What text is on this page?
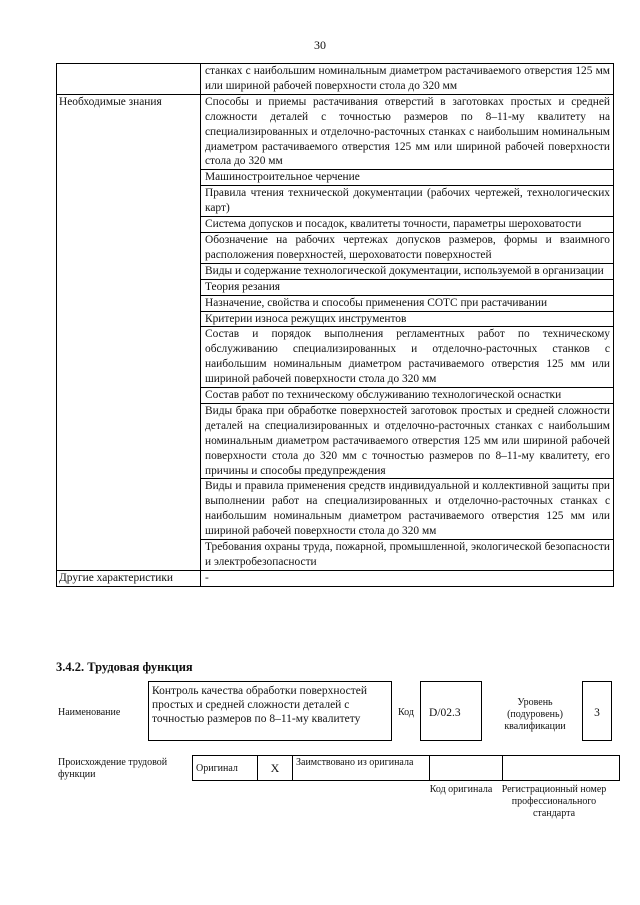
30
	станках с наибольшим номинальным диаметром растачиваемого отверстия 125 мм или шириной рабочей поверхности стола до 320 мм
Необходимые знания	Способы и приемы растачивания отверстий в заготовках простых и средней сложности деталей с точностью размеров по 8–11-му квалитету на специализированных и отделочно-расточных станках с наибольшим номинальным диаметром растачиваемого отверстия 125 мм или шириной рабочей поверхности стола до 320 мм
	Машиностроительное черчение
	Правила чтения технической документации (рабочих чертежей, технологических карт)
	Система допусков и посадок, квалитеты точности, параметры шероховатости
	Обозначение на рабочих чертежах допусков размеров, формы и взаимного расположения поверхностей, шероховатости поверхностей
	Виды и содержание технологической документации, используемой в организации
	Теория резания
	Назначение, свойства и способы применения СОТС при растачивании
	Критерии износа режущих инструментов
	Состав и порядок выполнения регламентных работ по техническому обслуживанию специализированных и отделочно-расточных станков с наибольшим номинальным диаметром растачиваемого отверстия 125 мм или шириной рабочей поверхности стола до 320 мм
	Состав работ по техническому обслуживанию технологической оснастки
	Виды брака при обработке поверхностей заготовок простых и средней сложности деталей на специализированных и отделочно-расточных станках с наибольшим номинальным диаметром растачиваемого отверстия 125 мм или шириной рабочей поверхности стола до 320 мм с точностью размеров по 8–11-му квалитету, его причины и способы предупреждения
	Виды и правила применения средств индивидуальной и коллективной защиты при выполнении работ на специализированных и отделочно-расточных станках с наибольшим номинальным диаметром растачиваемого отверстия 125 мм или шириной рабочей поверхности стола до 320 мм
	Требования охраны труда, пожарной, промышленной, экологической безопасности и электробезопасности
Другие характеристики	-
3.4.2. Трудовая функция
Наименование
Контроль качества обработки поверхностей простых и средней сложности деталей с точностью размеров по 8–11-му квалитету
Код	D/02.3
Уровень (подуровень) квалификации
3
Происхождение трудовой функции
Оригинал	X	Заимствовано из оригинала		
Код оригинала Регистрационный номер профессионального стандарта
